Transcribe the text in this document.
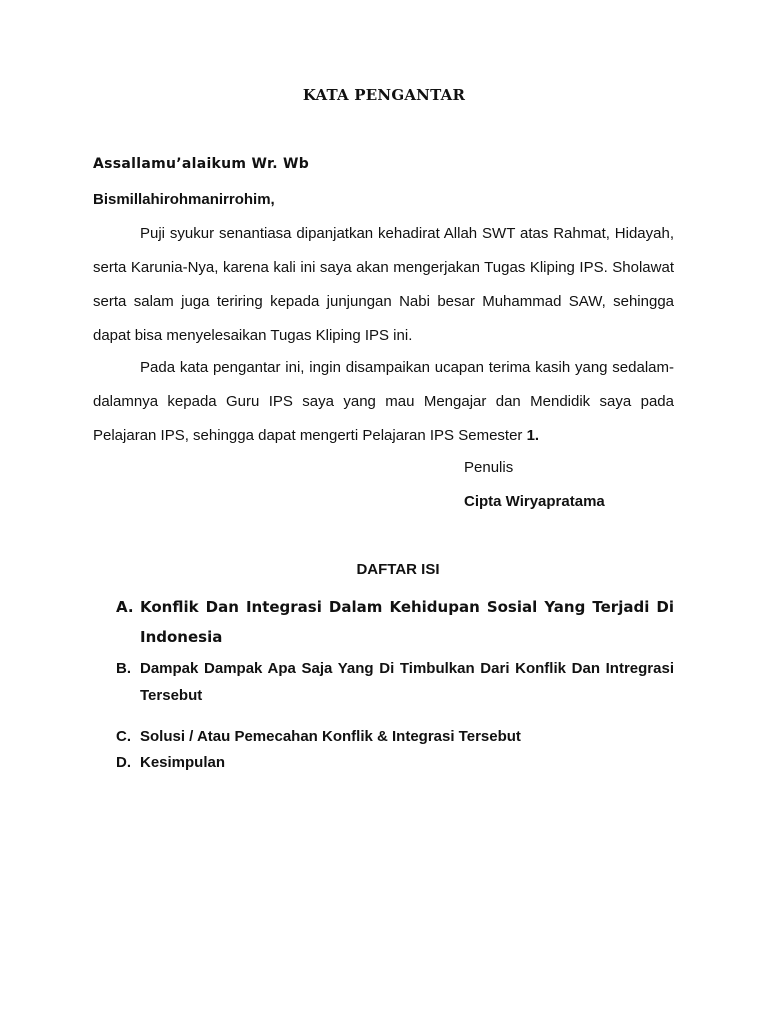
KATA PENGANTAR
Assallamu’alaikum Wr. Wb
Bismillahirohmanirrohim,

Puji syukur senantiasa dipanjatkan kehadirat Allah SWT atas Rahmat, Hidayah, serta Karunia-Nya, karena kali ini saya akan mengerjakan Tugas Kliping IPS. Sholawat serta salam juga teriring kepada junjungan Nabi besar Muhammad SAW, sehingga dapat bisa menyelesaikan Tugas Kliping IPS ini.

Pada kata pengantar ini, ingin disampaikan ucapan terima kasih yang sedalam-dalamnya kepada Guru IPS saya yang mau Mengajar dan Mendidik saya pada Pelajaran IPS, sehingga dapat mengerti Pelajaran IPS Semester 1.

Penulis
Cipta Wiryapratama
DAFTAR ISI
A. Konflik Dan Integrasi Dalam Kehidupan Sosial Yang Terjadi Di Indonesia
B. Dampak Dampak Apa Saja Yang Di Timbulkan Dari Konflik Dan Intregrasi Tersebut
C. Solusi / Atau Pemecahan Konflik & Integrasi Tersebut
D. Kesimpulan
